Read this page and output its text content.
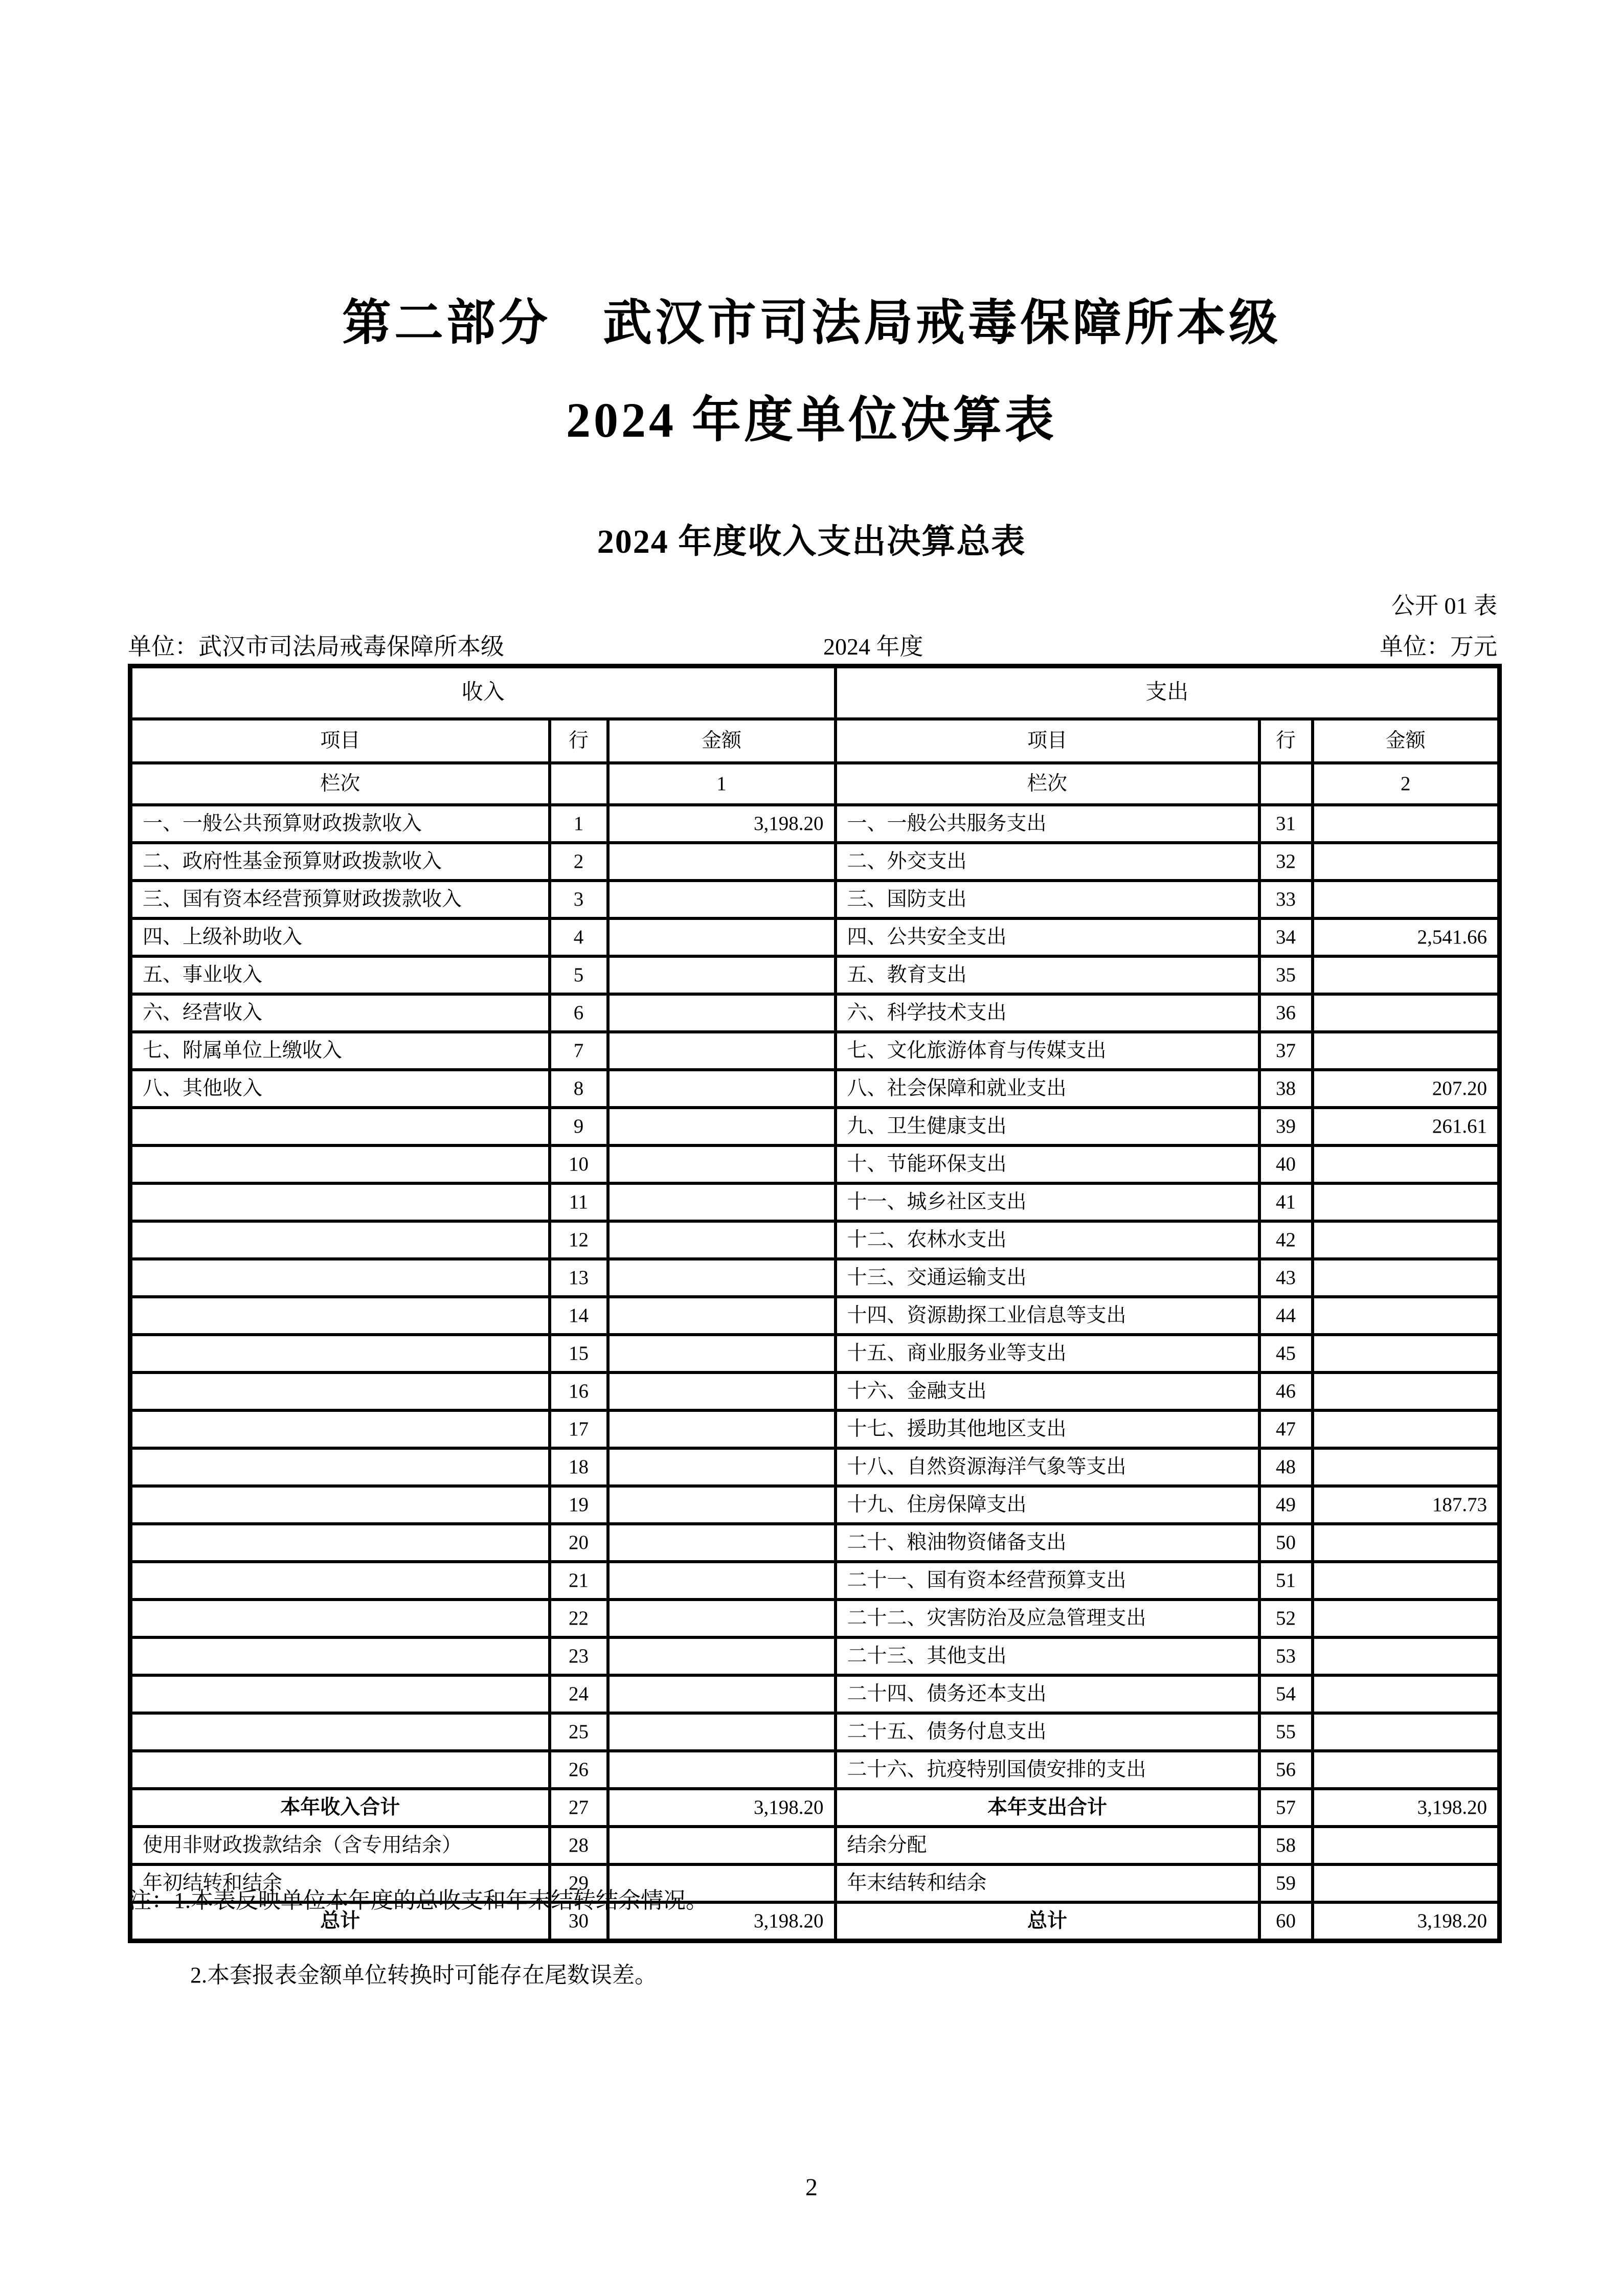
第二部分　武汉市司法局戒毒保障所本级
2024 年度单位决算表
2024 年度收入支出决算总表
公开 01 表
单位：武汉市司法局戒毒保障所本级	2024 年度	单位：万元
收入			支出		
项目	行	金额	项目	行	金额
栏次		1	栏次		2
一、一般公共预算财政拨款收入	1	3,198.20	一、一般公共服务支出	31	
二、政府性基金预算财政拨款收入	2		二、外交支出	32	
三、国有资本经营预算财政拨款收入	3		三、国防支出	33	
四、上级补助收入	4		四、公共安全支出	34	2,541.66
五、事业收入	5		五、教育支出	35	
六、经营收入	6		六、科学技术支出	36	
七、附属单位上缴收入	7		七、文化旅游体育与传媒支出	37	
八、其他收入	8		八、社会保障和就业支出	38	207.20
	9		九、卫生健康支出	39	261.61
	10		十、节能环保支出	40	
	11		十一、城乡社区支出	41	
	12		十二、农林水支出	42	
	13		十三、交通运输支出	43	
	14		十四、资源勘探工业信息等支出	44	
	15		十五、商业服务业等支出	45	
	16		十六、金融支出	46	
	17		十七、援助其他地区支出	47	
	18		十八、自然资源海洋气象等支出	48	
	19		十九、住房保障支出	49	187.73
	20		二十、粮油物资储备支出	50	
	21		二十一、国有资本经营预算支出	51	
	22		二十二、灾害防治及应急管理支出	52	
	23		二十三、其他支出	53	
	24		二十四、债务还本支出	54	
	25		二十五、债务付息支出	55	
	26		二十六、抗疫特别国债安排的支出	56	
本年收入合计	27	3,198.20	本年支出合计	57	3,198.20
使用非财政拨款结余（含专用结余）	28		结余分配	58	
年初结转和结余	29		年末结转和结余	59	
总计	30	3,198.20	总计	60	3,198.20
注：1.本表反映单位本年度的总收支和年末结转结余情况。
2.本套报表金额单位转换时可能存在尾数误差。
2
